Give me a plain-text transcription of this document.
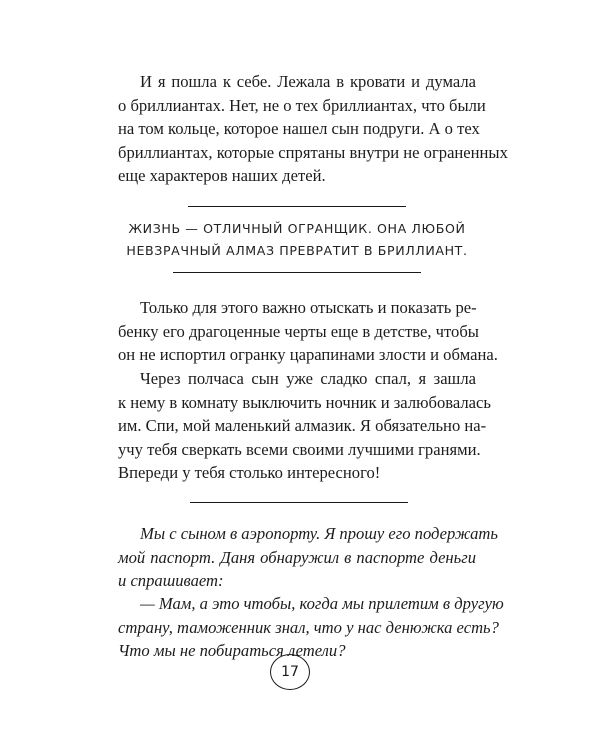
И я пошла к себе. Лежала в кровати и думала
о бриллиантах. Нет, не о тех бриллиантах, что были
на том кольце, которое нашел сын подруги. А о тех
бриллиантах, которые спрятаны внутри не ограненных
еще характеров наших детей.
ЖИЗНЬ — ОТЛИЧНЫЙ ОГРАНЩИК. ОНА ЛЮБОЙ
НЕВЗРАЧНЫЙ АЛМАЗ ПРЕВРАТИТ В БРИЛЛИАНТ.
Только для этого важно отыскать и показать ре-
бенку его драгоценные черты еще в детстве, чтобы
он не испортил огранку царапинами злости и обмана.
Через полчаса сын уже сладко спал, я зашла
к нему в комнату выключить ночник и залюбовалась
им. Спи, мой маленький алмазик. Я обязательно на-
учу тебя сверкать всеми своими лучшими гранями.
Впереди у тебя столько интересного!
Мы с сыном в аэропорту. Я прошу его подержать
мой паспорт. Даня обнаружил в паспорте деньги
и спрашивает:
— Мам, а это чтобы, когда мы прилетим в другую
страну, таможенник знал, что у нас денюжка есть?
Что мы не побираться летели?
17
